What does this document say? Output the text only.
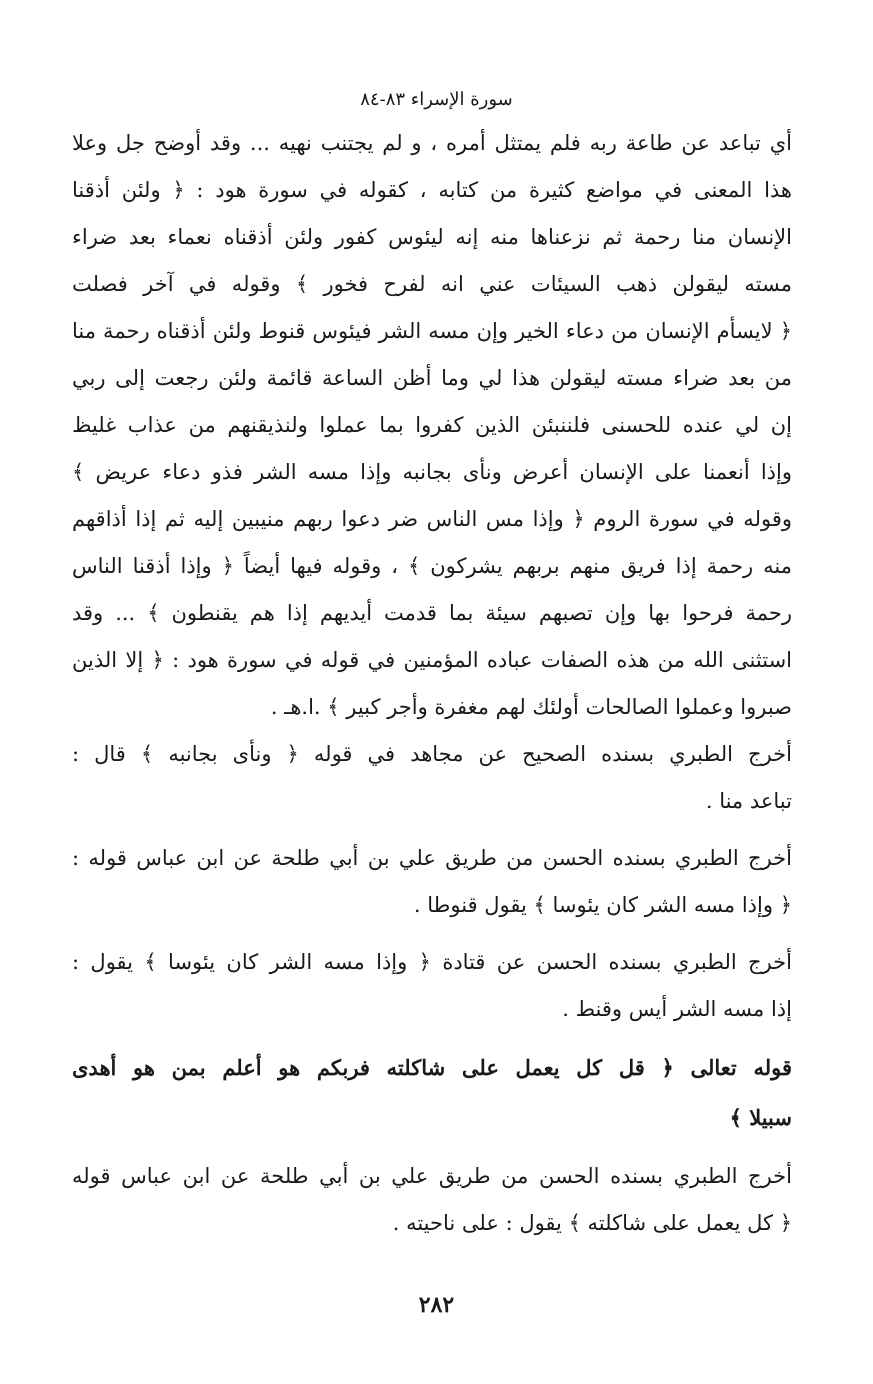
سورة الإسراء ٨٣-٨٤
أي تباعد عن طاعة ربه فلم يمتثل أمره ، و لم يجتنب نهيه ... وقد أوضح جل وعلا
هذا المعنى في مواضع كثيرة من كتابه ، كقوله في سورة هود : ﴿ ولئن أذقنا
الإنسان منا رحمة ثم نزعناها منه إنه ليئوس كفور ولئن أذقناه نعماء بعد ضراء
مسته ليقولن ذهب السيئات عني انه لفرح فخور ﴾ وقوله في آخر فصلت
﴿ لايسأم الإنسان من دعاء الخير وإن مسه الشر فيئوس قنوط ولئن أذقناه رحمة منا
من بعد ضراء مسته ليقولن هذا لي وما أظن الساعة قائمة ولئن رجعت إلى ربي
إن لي عنده للحسنى فلننبئن الذين كفروا بما عملوا ولنذيقنهم من عذاب غليظ
وإذا أنعمنا على الإنسان أعرض ونأى بجانبه وإذا مسه الشر فذو دعاء عريض ﴾
وقوله في سورة الروم ﴿ وإذا مس الناس ضر دعوا ربهم منيبين إليه ثم إذا أذاقهم
منه رحمة إذا فريق منهم بربهم يشركون ﴾ ، وقوله فيها أيضاً ﴿ وإذا أذقنا الناس
رحمة فرحوا بها وإن تصبهم سيئة بما قدمت أيديهم إذا هم يقنطون ﴾ ... وقد
استثنى الله من هذه الصفات عباده المؤمنين في قوله في سورة هود : ﴿ إلا الذين
صبروا وعملوا الصالحات أولئك لهم مغفرة وأجر كبير ﴾ .ا.هـ .
أخرج الطبري بسنده الصحيح عن مجاهد في قوله ﴿ ونأى بجانبه ﴾ قال :
تباعد منا .
أخرج الطبري بسنده الحسن من طريق علي بن أبي طلحة عن ابن عباس قوله :
﴿ وإذا مسه الشر كان يئوسا ﴾ يقول قنوطا .
أخرج الطبري بسنده الحسن عن قتادة ﴿ وإذا مسه الشر كان يئوسا ﴾ يقول :
إذا مسه الشر أيس وقنط .
قوله تعالى ﴿ قل كل يعمل على شاكلته فربكم هو أعلم بمن هو أهدى
سبيلا ﴾
أخرج الطبري بسنده الحسن من طريق علي بن أبي طلحة عن ابن عباس قوله
﴿ كل يعمل على شاكلته ﴾ يقول : على ناحيته .
٢٨٢
